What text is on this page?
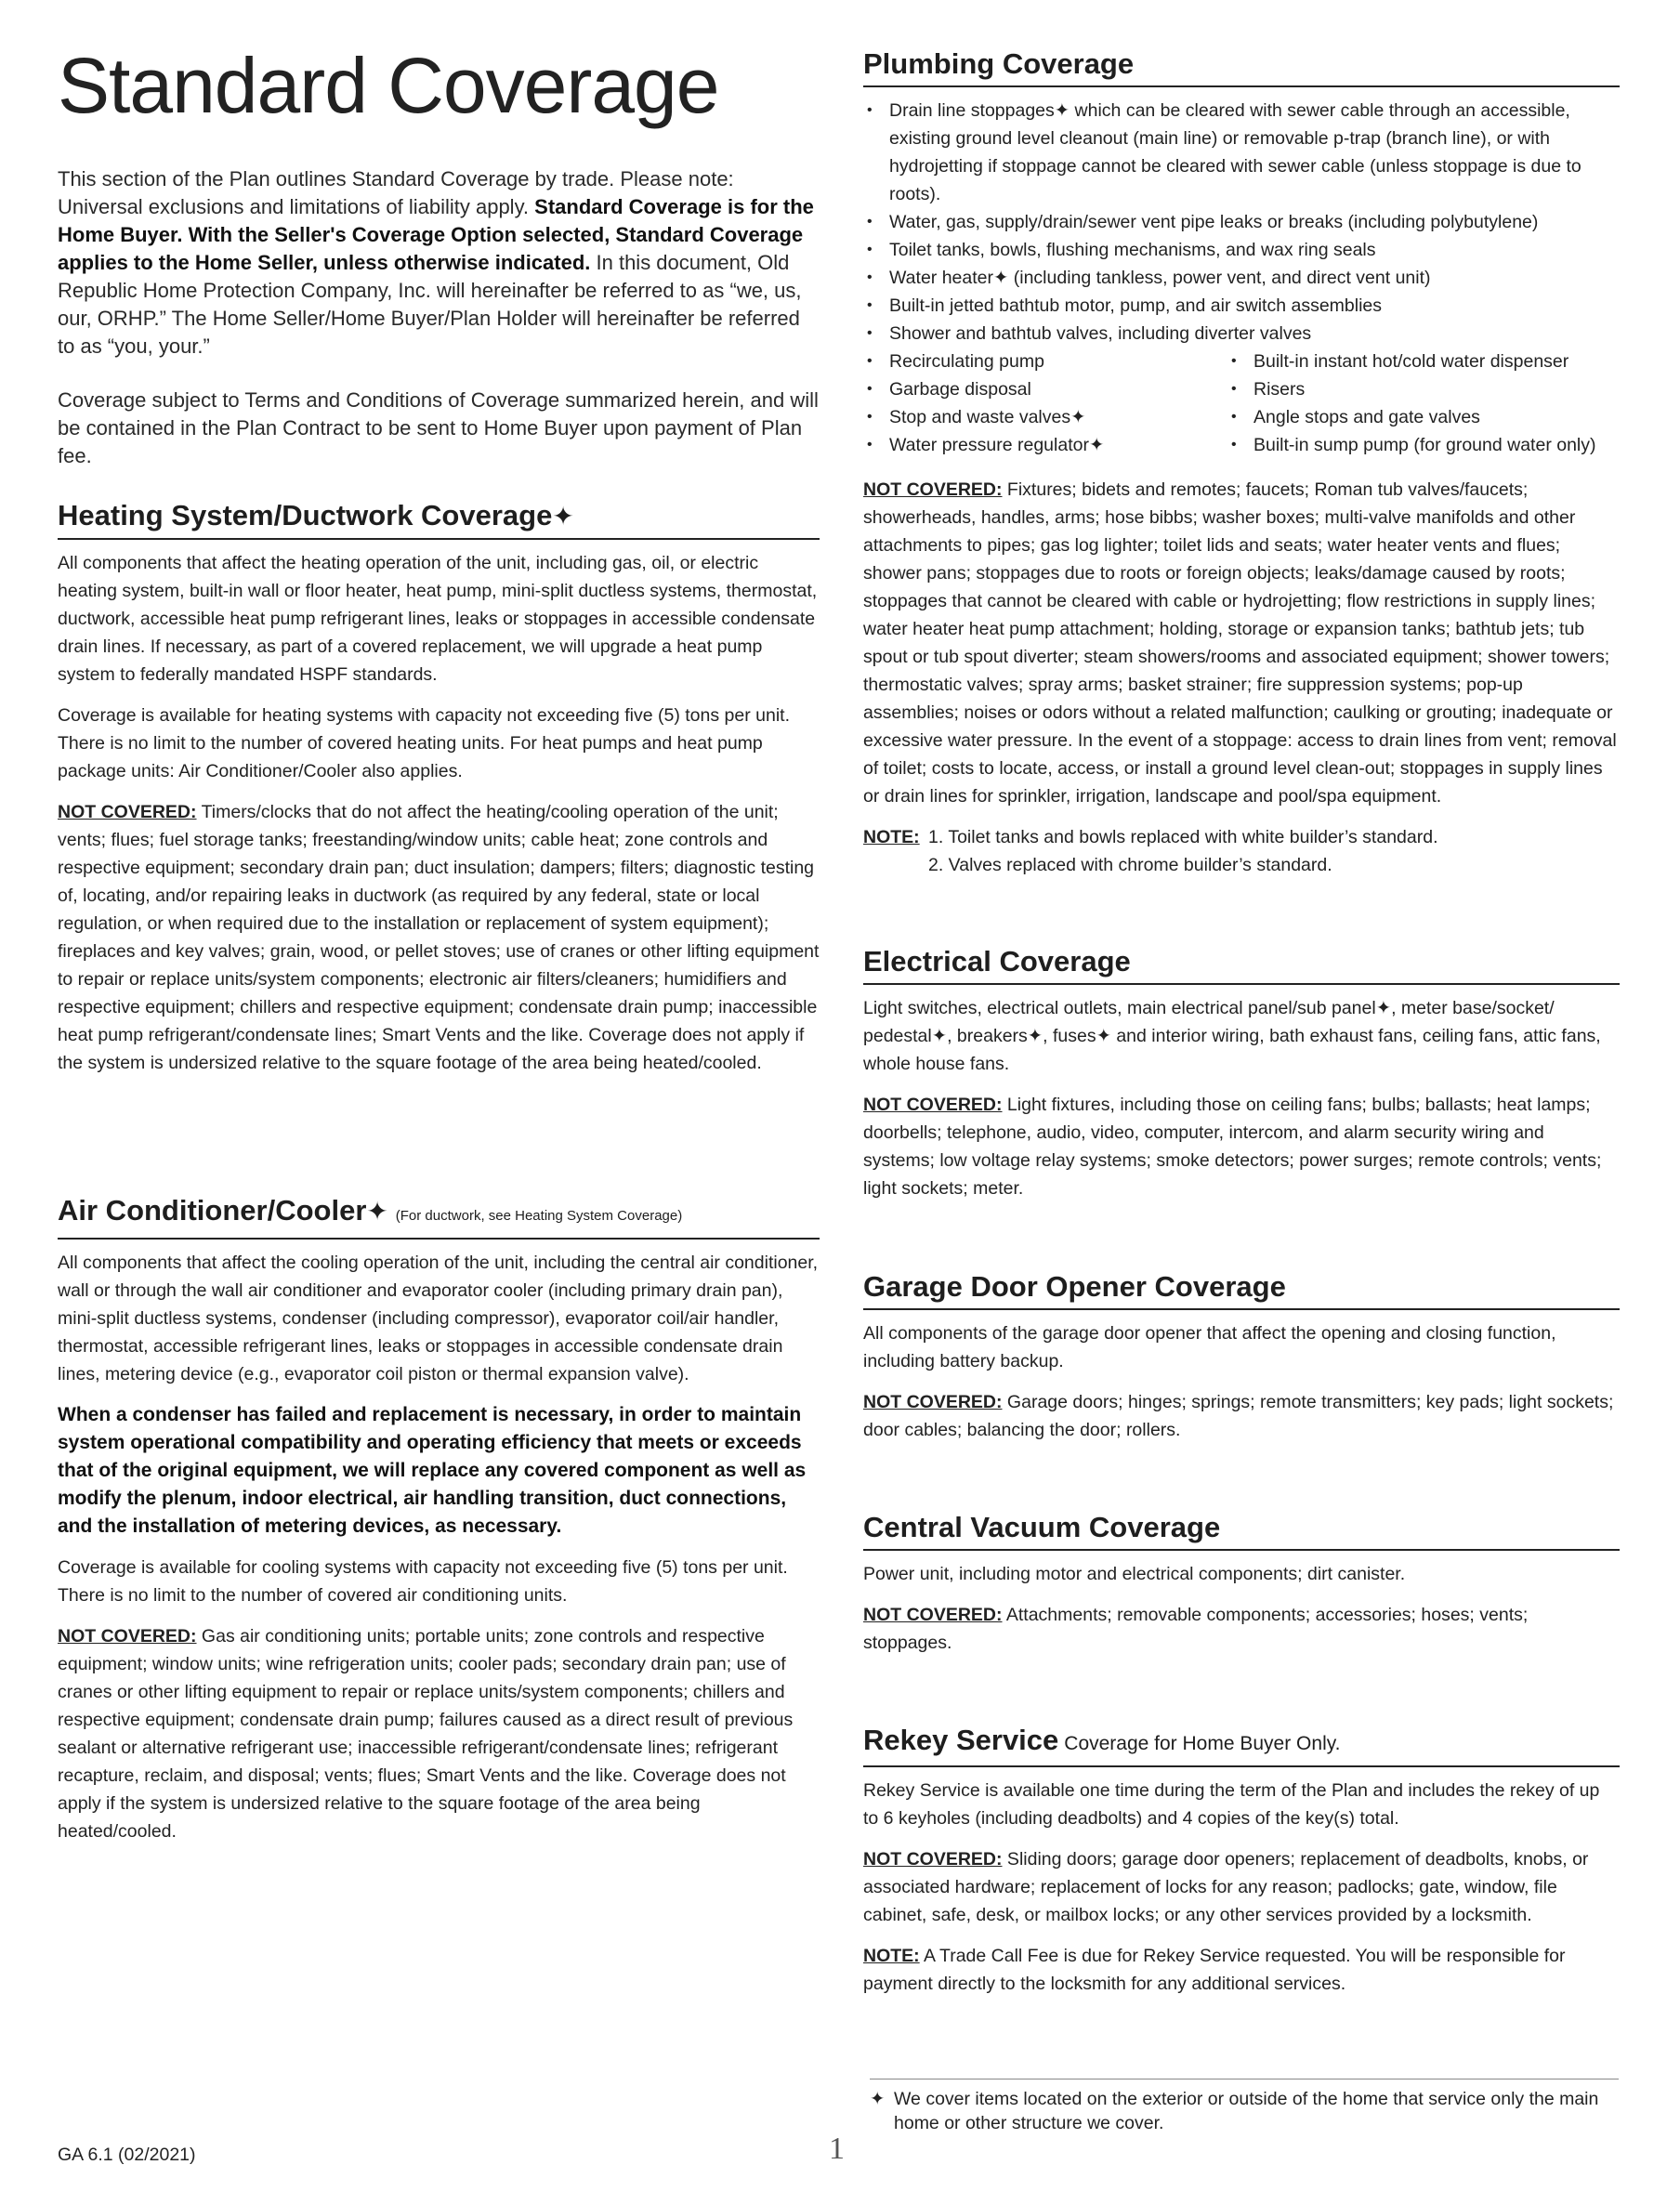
Standard Coverage

This section of the Plan outlines Standard Coverage by trade. Please note: Universal exclusions and limitations of liability apply. Standard Coverage is for the Home Buyer. With the Seller's Coverage Option selected, Standard Coverage applies to the Home Seller, unless otherwise indicated. In this document, Old Republic Home Protection Company, Inc. will hereinafter be referred to as “we, us, our, ORHP.” The Home Seller/Home Buyer/Plan Holder will hereinafter be referred to as “you, your.”

Coverage subject to Terms and Conditions of Coverage summarized herein, and will be contained in the Plan Contract to be sent to Home Buyer upon payment of Plan fee.

Heating System/Ductwork Coverage✦

All components that affect the heating operation of the unit, including gas, oil, or electric heating system, built-in wall or floor heater, heat pump, mini-split ductless systems, thermostat, ductwork, accessible heat pump refrigerant lines, leaks or stoppages in accessible condensate drain lines. If necessary, as part of a covered replacement, we will upgrade a heat pump system to federally mandated HSPF standards.

Coverage is available for heating systems with capacity not exceeding five (5) tons per unit. There is no limit to the number of covered heating units. For heat pumps and heat pump package units: Air Conditioner/Cooler also applies.

NOT COVERED: Timers/clocks that do not affect the heating/cooling operation of the unit; vents; flues; fuel storage tanks; freestanding/window units; cable heat; zone controls and respective equipment; secondary drain pan; duct insulation; dampers; filters; diagnostic testing of, locating, and/or repairing leaks in ductwork (as required by any federal, state or local regulation, or when required due to the installation or replacement of system equipment); fireplaces and key valves; grain, wood, or pellet stoves; use of cranes or other lifting equipment to repair or replace units/system components; electronic air filters/cleaners; humidifiers and respective equipment; chillers and respective equipment; condensate drain pump; inaccessible heat pump refrigerant/condensate lines; Smart Vents and the like. Coverage does not apply if the system is undersized relative to the square footage of the area being heated/cooled.

Air Conditioner/Cooler✦ (For ductwork, see Heating System Coverage)

All components that affect the cooling operation of the unit, including the central air conditioner, wall or through the wall air conditioner and evaporator cooler (including primary drain pan), mini-split ductless systems, condenser (including compressor), evaporator coil/air handler, thermostat, accessible refrigerant lines, leaks or stoppages in accessible condensate drain lines, metering device (e.g., evaporator coil piston or thermal expansion valve).

When a condenser has failed and replacement is necessary, in order to maintain system operational compatibility and operating efficiency that meets or exceeds that of the original equipment, we will replace any covered component as well as modify the plenum, indoor electrical, air handling transition, duct connections, and the installation of metering devices, as necessary.

Coverage is available for cooling systems with capacity not exceeding five (5) tons per unit. There is no limit to the number of covered air conditioning units.

NOT COVERED: Gas air conditioning units; portable units; zone controls and respective equipment; window units; wine refrigeration units; cooler pads; secondary drain pan; use of cranes or other lifting equipment to repair or replace units/system components; chillers and respective equipment; condensate drain pump; failures caused as a direct result of previous sealant or alternative refrigerant use; inaccessible refrigerant/condensate lines; refrigerant recapture, reclaim, and disposal; vents; flues; Smart Vents and the like. Coverage does not apply if the system is undersized relative to the square footage of the area being heated/cooled.

Plumbing Coverage
• Drain line stoppages✦ which can be cleared with sewer cable through an accessible, existing ground level cleanout (main line) or removable p-trap (branch line), or with hydrojetting if stoppage cannot be cleared with sewer cable (unless stoppage is due to roots).
• Water, gas, supply/drain/sewer vent pipe leaks or breaks (including polybutylene)
• Toilet tanks, bowls, flushing mechanisms, and wax ring seals
• Water heater✦ (including tankless, power vent, and direct vent unit)
• Built-in jetted bathtub motor, pump, and air switch assemblies
• Shower and bathtub valves, including diverter valves
• Recirculating pump	• Built-in instant hot/cold water dispenser
• Garbage disposal	• Risers
• Stop and waste valves✦	• Angle stops and gate valves
• Water pressure regulator✦	• Built-in sump pump (for ground water only)

NOT COVERED: Fixtures; bidets and remotes; faucets; Roman tub valves/faucets; showerheads, handles, arms; hose bibbs; washer boxes; multi-valve manifolds and other attachments to pipes; gas log lighter; toilet lids and seats; water heater vents and flues; shower pans; stoppages due to roots or foreign objects; leaks/damage caused by roots; stoppages that cannot be cleared with cable or hydrojetting; flow restrictions in supply lines; water heater heat pump attachment; holding, storage or expansion tanks; bathtub jets; tub spout or tub spout diverter; steam showers/rooms and associated equipment; shower towers; thermostatic valves; spray arms; basket strainer; fire suppression systems; pop-up assemblies; noises or odors without a related malfunction; caulking or grouting; inadequate or excessive water pressure. In the event of a stoppage: access to drain lines from vent; removal of toilet; costs to locate, access, or install a ground level clean-out; stoppages in supply lines or drain lines for sprinkler, irrigation, landscape and pool/spa equipment.

NOTE: 1. Toilet tanks and bowls replaced with white builder’s standard.
2. Valves replaced with chrome builder’s standard.
Electrical Coverage

Light switches, electrical outlets, main electrical panel/sub panel✦, meter base/socket/ pedestal✦, breakers✦, fuses✦ and interior wiring, bath exhaust fans, ceiling fans, attic fans, whole house fans.

NOT COVERED: Light fixtures, including those on ceiling fans; bulbs; ballasts; heat lamps; doorbells; telephone, audio, video, computer, intercom, and alarm security wiring and systems; low voltage relay systems; smoke detectors; power surges; remote controls; vents; light sockets; meter.

Garage Door Opener Coverage

All components of the garage door opener that affect the opening and closing function, including battery backup.

NOT COVERED: Garage doors; hinges; springs; remote transmitters; key pads; light sockets; door cables; balancing the door; rollers.

Central Vacuum Coverage

Power unit, including motor and electrical components; dirt canister.

NOT COVERED: Attachments; removable components; accessories; hoses; vents; stoppages.

Rekey Service Coverage for Home Buyer Only.

Rekey Service is available one time during the term of the Plan and includes the rekey of up to 6 keyholes (including deadbolts) and 4 copies of the key(s) total.

NOT COVERED: Sliding doors; garage door openers; replacement of deadbolts, knobs, or associated hardware; replacement of locks for any reason; padlocks; gate, window, file cabinet, safe, desk, or mailbox locks; or any other services provided by a locksmith.

NOTE: A Trade Call Fee is due for Rekey Service requested. You will be responsible for payment directly to the locksmith for any additional services.

✦ We cover items located on the exterior or outside of the home that service only the main home or other structure we cover.
GA 6.1 (02/2021)	1
